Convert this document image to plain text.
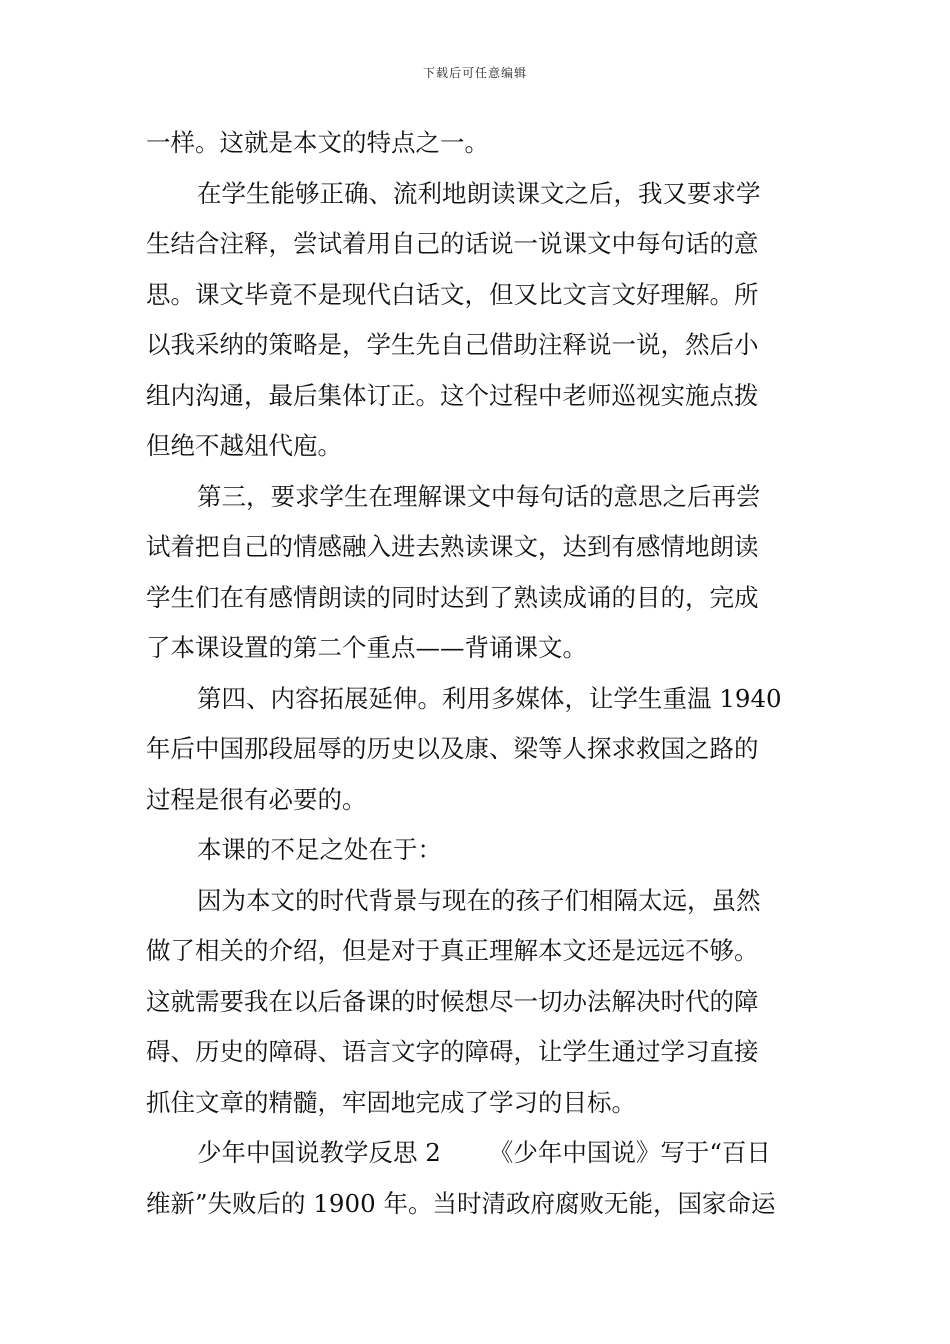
下载后可任意编辑
一样。这就是本文的特点之一。
在学生能够正确、流利地朗读课文之后，我又要求学
生结合注释，尝试着用自己的话说一说课文中每句话的意
思。课文毕竟不是现代白话文，但又比文言文好理解。所
以我采纳的策略是，学生先自己借助注释说一说，然后小
组内沟通，最后集体订正。这个过程中老师巡视实施点拨
但绝不越俎代庖。
第三，要求学生在理解课文中每句话的意思之后再尝
试着把自己的情感融入进去熟读课文，达到有感情地朗读
学生们在有感情朗读的同时达到了熟读成诵的目的，完成
了本课设置的第二个重点——背诵课文。
第四、内容拓展延伸。利用多媒体，让学生重温 1940
年后中国那段屈辱的历史以及康、梁等人探求救国之路的
过程是很有必要的。
本课的不足之处在于：
因为本文的时代背景与现在的孩子们相隔太远，虽然
做了相关的介绍，但是对于真正理解本文还是远远不够。
这就需要我在以后备课的时候想尽一切办法解决时代的障
碍、历史的障碍、语言文字的障碍，让学生通过学习直接
抓住文章的精髓，牢固地完成了学习的目标。
少年中国说教学反思 2 《少年中国说》写于“百日
维新”失败后的 1900 年。当时清政府腐败无能，国家命运
